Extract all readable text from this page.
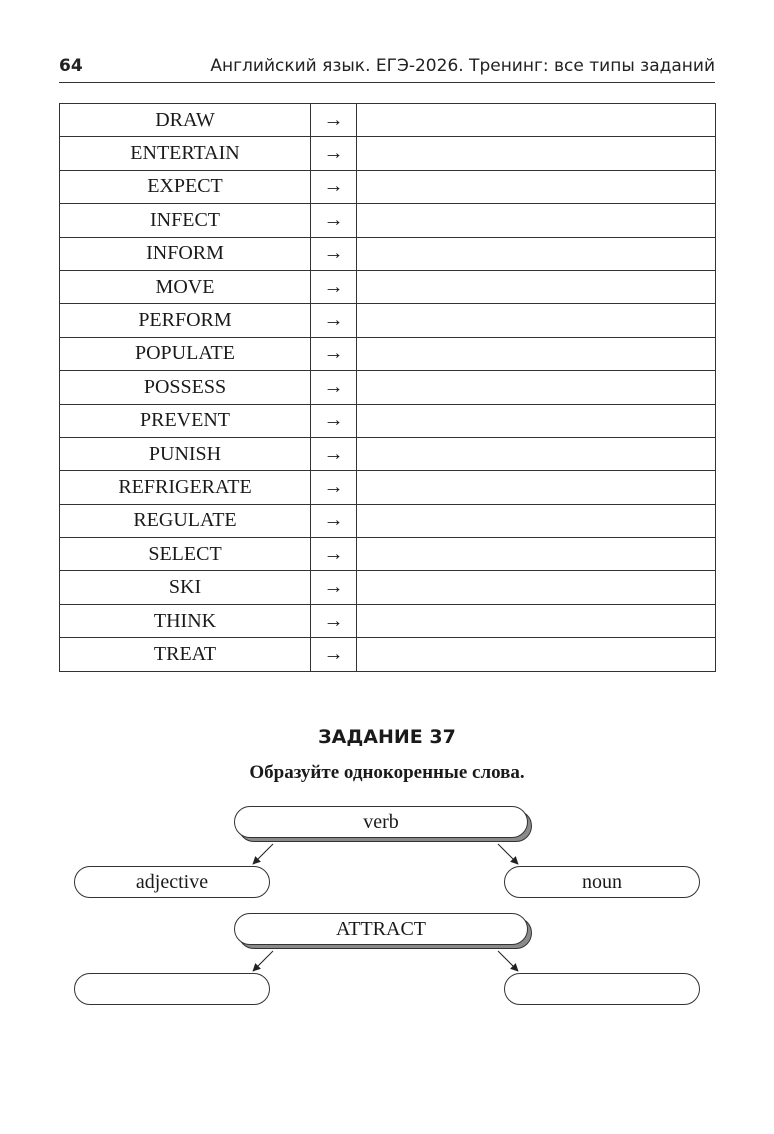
64	Английский язык. ЕГЭ-2026. Тренинг: все типы заданий
DRAW	→	
ENTERTAIN	→	
EXPECT	→	
INFECT	→	
INFORM	→	
MOVE	→	
PERFORM	→	
POPULATE	→	
POSSESS	→	
PREVENT	→	
PUNISH	→	
REFRIGERATE	→	
REGULATE	→	
SELECT	→	
SKI	→	
THINK	→	
TREAT	→	
ЗАДАНИЕ 37
Образуйте однокоренные слова.
verb
adjective	noun
ATTRACT
